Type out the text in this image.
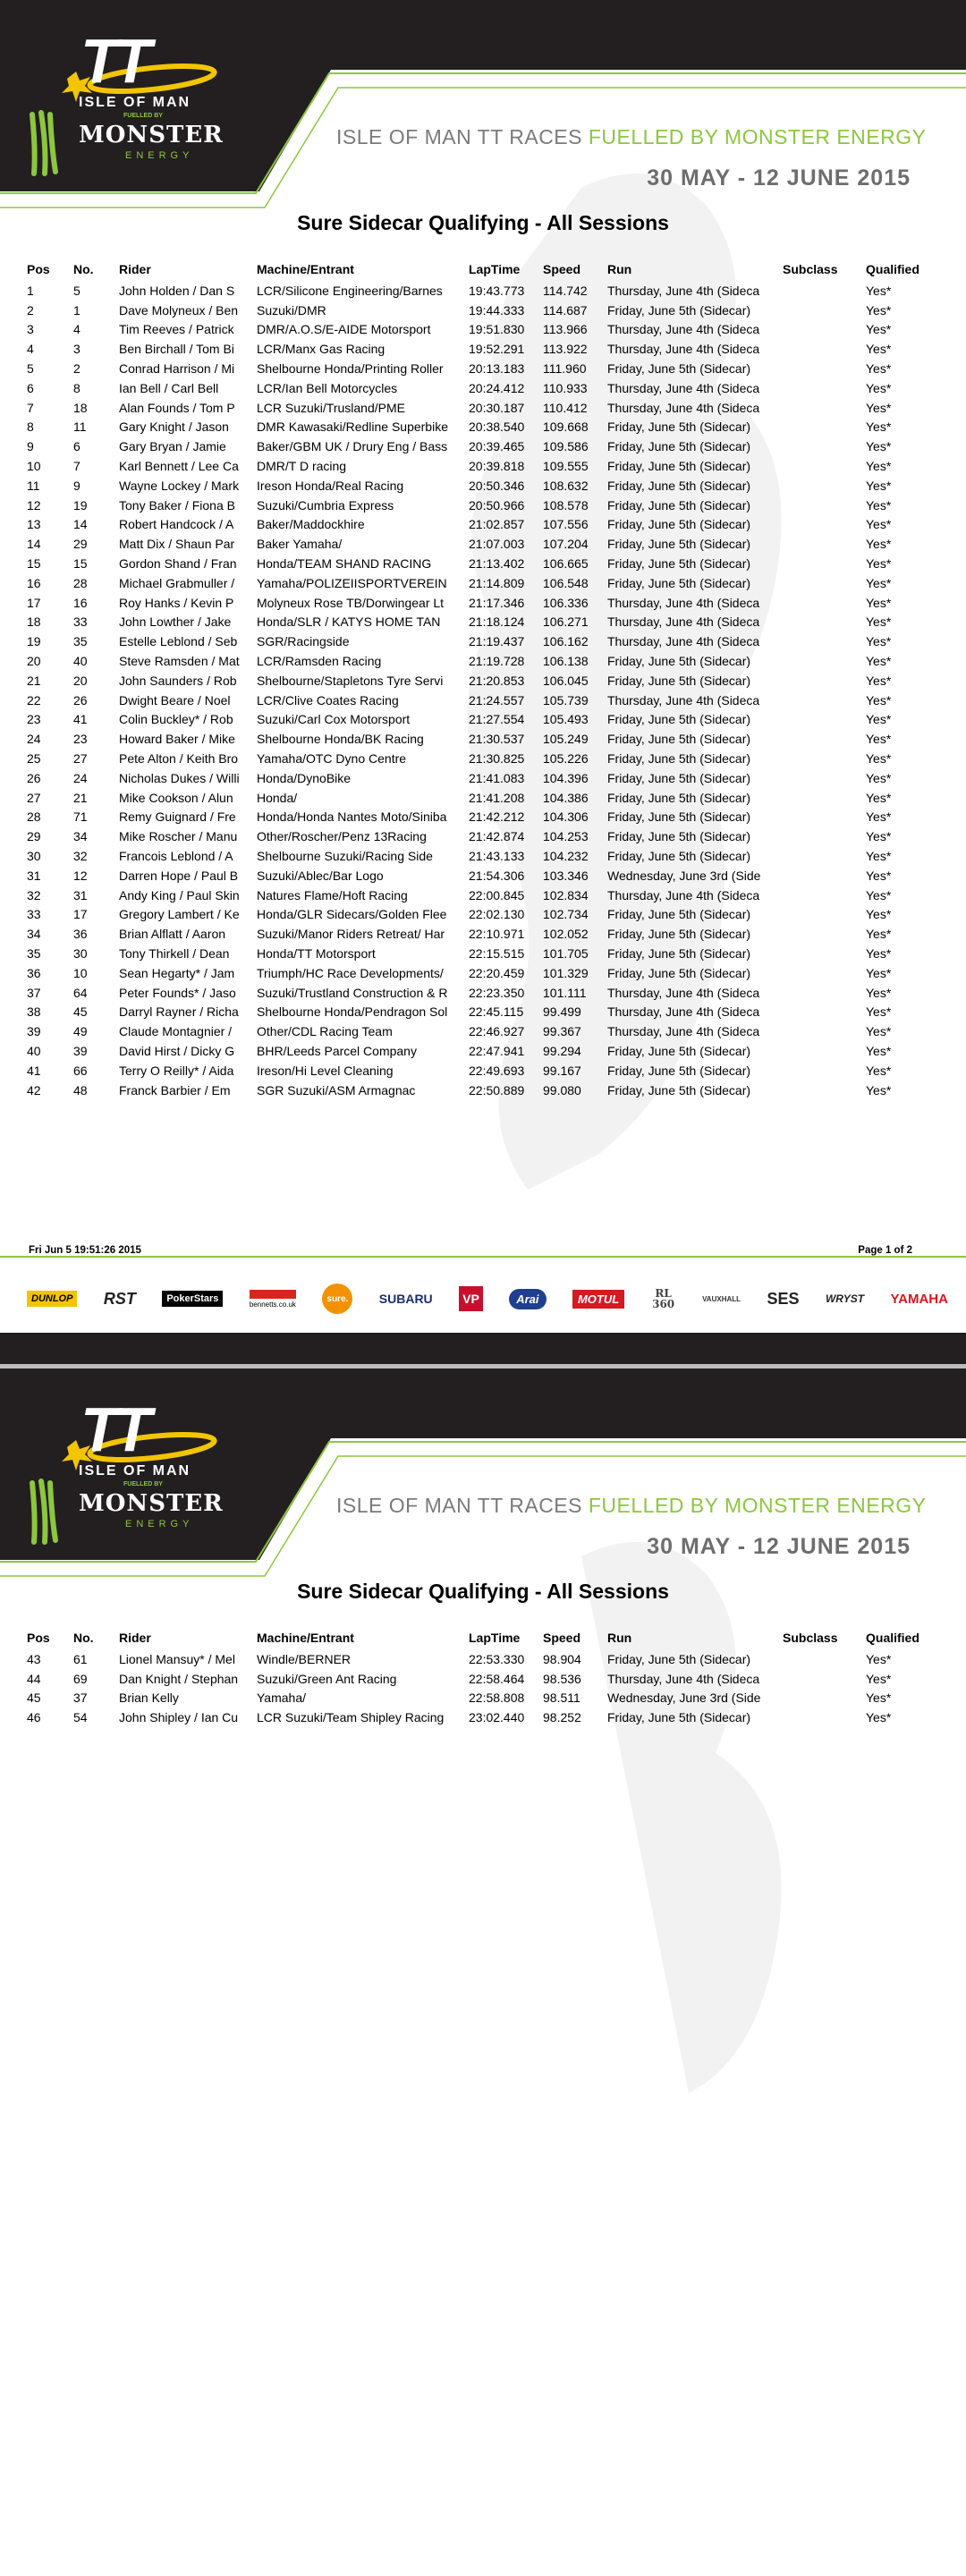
TT
ISLE OF MAN
FUELLED BY
MONSTER
ENERGY
ISLE OF MAN TT RACES FUELLED BY MONSTER ENERGY
30 MAY - 12 JUNE 2015
Sure Sidecar Qualifying - All Sessions
Pos	No.	Rider	Machine/Entrant	LapTime	Speed	Run	Subclass	Qualified
1	5	John Holden / Dan S	LCR/Silicone Engineering/Barnes	19:43.773	114.742	Thursday, June 4th (Sideca		Yes*
2	1	Dave Molyneux / Ben	Suzuki/DMR	19:44.333	114.687	Friday, June 5th (Sidecar)		Yes*
3	4	Tim Reeves / Patrick	DMR/A.O.S/E-AIDE Motorsport	19:51.830	113.966	Thursday, June 4th (Sideca		Yes*
4	3	Ben Birchall / Tom Bi	LCR/Manx Gas Racing	19:52.291	113.922	Thursday, June 4th (Sideca		Yes*
5	2	Conrad Harrison / Mi	Shelbourne Honda/Printing Roller	20:13.183	111.960	Friday, June 5th (Sidecar)		Yes*
6	8	Ian Bell / Carl Bell	LCR/Ian Bell Motorcycles	20:24.412	110.933	Thursday, June 4th (Sideca		Yes*
7	18	Alan Founds / Tom P	LCR Suzuki/Trusland/PME	20:30.187	110.412	Thursday, June 4th (Sideca		Yes*
8	11	Gary Knight / Jason	DMR Kawasaki/Redline Superbike	20:38.540	109.668	Friday, June 5th (Sidecar)		Yes*
9	6	Gary Bryan / Jamie	Baker/GBM UK / Drury Eng / Bass	20:39.465	109.586	Friday, June 5th (Sidecar)		Yes*
10	7	Karl Bennett / Lee Ca	DMR/T D racing	20:39.818	109.555	Friday, June 5th (Sidecar)		Yes*
11	9	Wayne Lockey / Mark	Ireson Honda/Real Racing	20:50.346	108.632	Friday, June 5th (Sidecar)		Yes*
12	19	Tony Baker / Fiona B	Suzuki/Cumbria Express	20:50.966	108.578	Friday, June 5th (Sidecar)		Yes*
13	14	Robert Handcock / A	Baker/Maddockhire	21:02.857	107.556	Friday, June 5th (Sidecar)		Yes*
14	29	Matt Dix / Shaun Par	Baker Yamaha/	21:07.003	107.204	Friday, June 5th (Sidecar)		Yes*
15	15	Gordon Shand / Fran	Honda/TEAM SHAND RACING	21:13.402	106.665	Friday, June 5th (Sidecar)		Yes*
16	28	Michael Grabmuller /	Yamaha/POLIZEIISPORTVEREIN	21:14.809	106.548	Friday, June 5th (Sidecar)		Yes*
17	16	Roy Hanks / Kevin P	Molyneux Rose TB/Dorwingear Lt	21:17.346	106.336	Thursday, June 4th (Sideca		Yes*
18	33	John Lowther / Jake	Honda/SLR / KATYS HOME TAN	21:18.124	106.271	Thursday, June 4th (Sideca		Yes*
19	35	Estelle Leblond / Seb	SGR/Racingside	21:19.437	106.162	Thursday, June 4th (Sideca		Yes*
20	40	Steve Ramsden / Mat	LCR/Ramsden Racing	21:19.728	106.138	Friday, June 5th (Sidecar)		Yes*
21	20	John Saunders / Rob	Shelbourne/Stapletons Tyre Servi	21:20.853	106.045	Friday, June 5th (Sidecar)		Yes*
22	26	Dwight Beare / Noel	LCR/Clive Coates Racing	21:24.557	105.739	Thursday, June 4th (Sideca		Yes*
23	41	Colin Buckley* / Rob	Suzuki/Carl Cox Motorsport	21:27.554	105.493	Friday, June 5th (Sidecar)		Yes*
24	23	Howard Baker / Mike	Shelbourne Honda/BK Racing	21:30.537	105.249	Friday, June 5th (Sidecar)		Yes*
25	27	Pete Alton / Keith Bro	Yamaha/OTC Dyno Centre	21:30.825	105.226	Friday, June 5th (Sidecar)		Yes*
26	24	Nicholas Dukes / Willi	Honda/DynoBike	21:41.083	104.396	Friday, June 5th (Sidecar)		Yes*
27	21	Mike Cookson / Alun	Honda/	21:41.208	104.386	Friday, June 5th (Sidecar)		Yes*
28	71	Remy Guignard / Fre	Honda/Honda Nantes Moto/Siniba	21:42.212	104.306	Friday, June 5th (Sidecar)		Yes*
29	34	Mike Roscher / Manu	Other/Roscher/Penz 13Racing	21:42.874	104.253	Friday, June 5th (Sidecar)		Yes*
30	32	Francois Leblond / A	Shelbourne Suzuki/Racing Side	21:43.133	104.232	Friday, June 5th (Sidecar)		Yes*
31	12	Darren Hope / Paul B	Suzuki/Ablec/Bar Logo	21:54.306	103.346	Wednesday, June 3rd (Side		Yes*
32	31	Andy King / Paul Skin	Natures Flame/Hoft Racing	22:00.845	102.834	Thursday, June 4th (Sideca		Yes*
33	17	Gregory Lambert / Ke	Honda/GLR Sidecars/Golden Flee	22:02.130	102.734	Friday, June 5th (Sidecar)		Yes*
34	36	Brian Alflatt / Aaron	Suzuki/Manor Riders Retreat/ Har	22:10.971	102.052	Friday, June 5th (Sidecar)		Yes*
35	30	Tony Thirkell / Dean	Honda/TT Motorsport	22:15.515	101.705	Friday, June 5th (Sidecar)		Yes*
36	10	Sean Hegarty* / Jam	Triumph/HC Race Developments/	22:20.459	101.329	Friday, June 5th (Sidecar)		Yes*
37	64	Peter Founds* / Jaso	Suzuki/Trustland Construction & R	22:23.350	101.111	Thursday, June 4th (Sideca		Yes*
38	45	Darryl Rayner / Richa	Shelbourne Honda/Pendragon Sol	22:45.115	99.499	Thursday, June 4th (Sideca		Yes*
39	49	Claude Montagnier /	Other/CDL Racing Team	22:46.927	99.367	Thursday, June 4th (Sideca		Yes*
40	39	David Hirst / Dicky G	BHR/Leeds Parcel Company	22:47.941	99.294	Friday, June 5th (Sidecar)		Yes*
41	66	Terry O Reilly* / Aida	Ireson/Hi Level Cleaning	22:49.693	99.167	Friday, June 5th (Sidecar)		Yes*
42	48	Franck Barbier / Em	SGR Suzuki/ASM Armagnac	22:50.889	99.080	Friday, June 5th (Sidecar)		Yes*
Fri Jun 5 19:51:26 2015	Page 1 of 2
DUNLOP RST	PokerStars	bennetts.co.uk
sure.	SUBARU VP	Arai	MOTUL	RL 360	VAUXHALL SES WRYST YAMAHA
TT
ISLE OF MAN
FUELLED BY
MONSTER
ENERGY
ISLE OF MAN TT RACES FUELLED BY MONSTER ENERGY
30 MAY - 12 JUNE 2015
Sure Sidecar Qualifying - All Sessions
Pos	No.	Rider	Machine/Entrant	LapTime	Speed	Run	Subclass	Qualified
43	61	Lionel Mansuy* / Mel	Windle/BERNER	22:53.330	98.904	Friday, June 5th (Sidecar)		Yes*
44	69	Dan Knight / Stephan	Suzuki/Green Ant Racing	22:58.464	98.536	Thursday, June 4th (Sideca		Yes*
45	37	Brian Kelly	Yamaha/	22:58.808	98.511	Wednesday, June 3rd (Side		Yes*
46	54	John Shipley / Ian Cu	LCR Suzuki/Team Shipley Racing	23:02.440	98.252	Friday, June 5th (Sidecar)		Yes*
